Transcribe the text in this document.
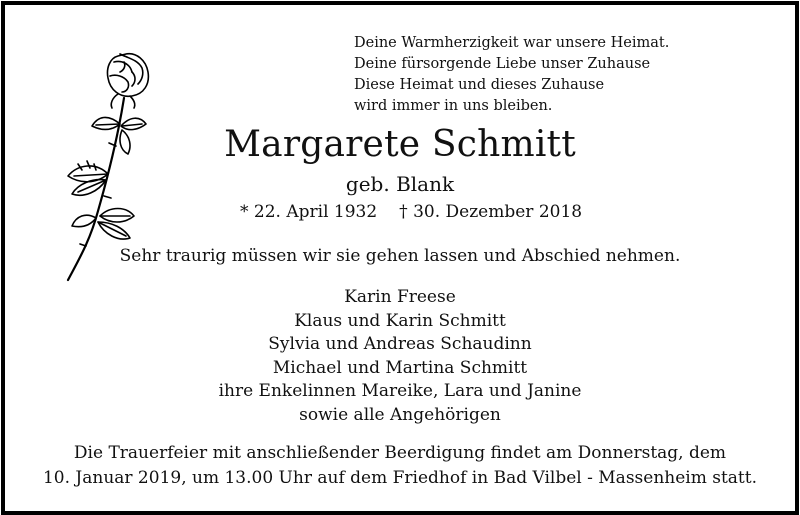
Deine Warmherzigkeit war unsere Heimat.
Deine fürsorgende Liebe unser Zuhause
Diese Heimat und dieses Zuhause
wird immer in uns bleiben.
Margarete Schmitt
geb. Blank
* 22. April 1932 † 30. Dezember 2018
Sehr traurig müssen wir sie gehen lassen und Abschied nehmen.
Karin Freese
Klaus und Karin Schmitt
Sylvia und Andreas Schaudinn
Michael und Martina Schmitt
ihre Enkelinnen Mareike, Lara und Janine
sowie alle Angehörigen
Die Trauerfeier mit anschließender Beerdigung findet am Donnerstag, dem
10. Januar 2019, um 13.00 Uhr auf dem Friedhof in Bad Vilbel - Massenheim statt.
